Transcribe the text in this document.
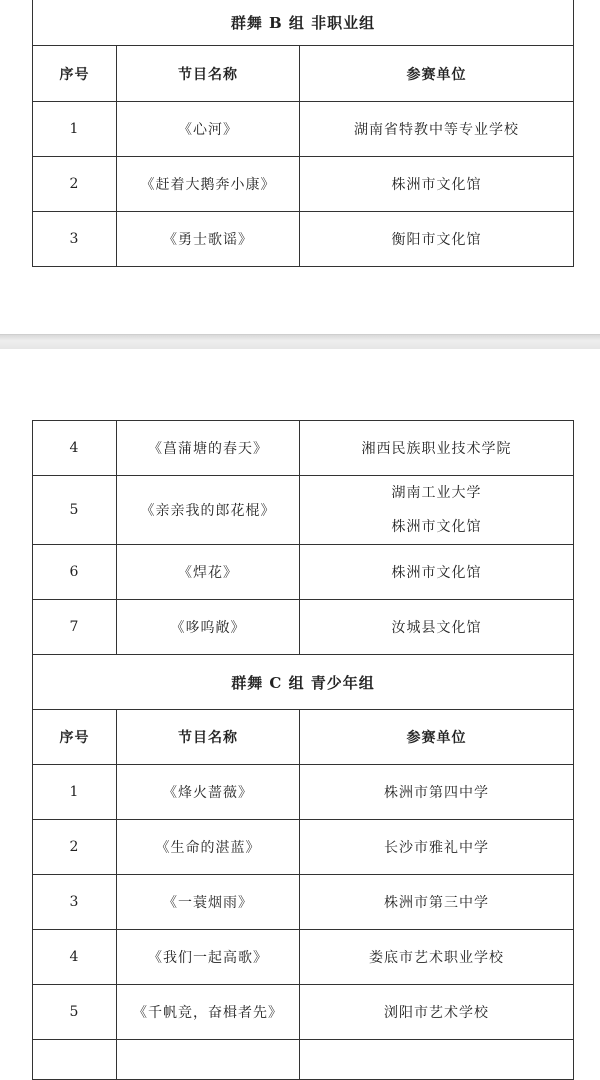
群舞 B 组 非职业组		
序号	节目名称	参赛单位
1	《心河》	湖南省特教中等专业学校
2	《赶着大鹅奔小康》	株洲市文化馆
3	《勇士歌谣》	衡阳市文化馆
4	《菖蒲塘的春天》	湘西民族职业技术学院
5	《亲亲我的郎花棍》	湖南工业大学
株洲市文化馆

6	《焊花》	株洲市文化馆
7	《哆呜敞》	汝城县文化馆
群舞 C 组 青少年组		
序号	节目名称	参赛单位
1	《烽火蔷薇》	株洲市第四中学
2	《生命的湛蓝》	长沙市雅礼中学
3	《一蓑烟雨》	株洲市第三中学
4	《我们一起高歌》	娄底市艺术职业学校
5	《千帆竞，奋楫者先》	浏阳市艺术学校
